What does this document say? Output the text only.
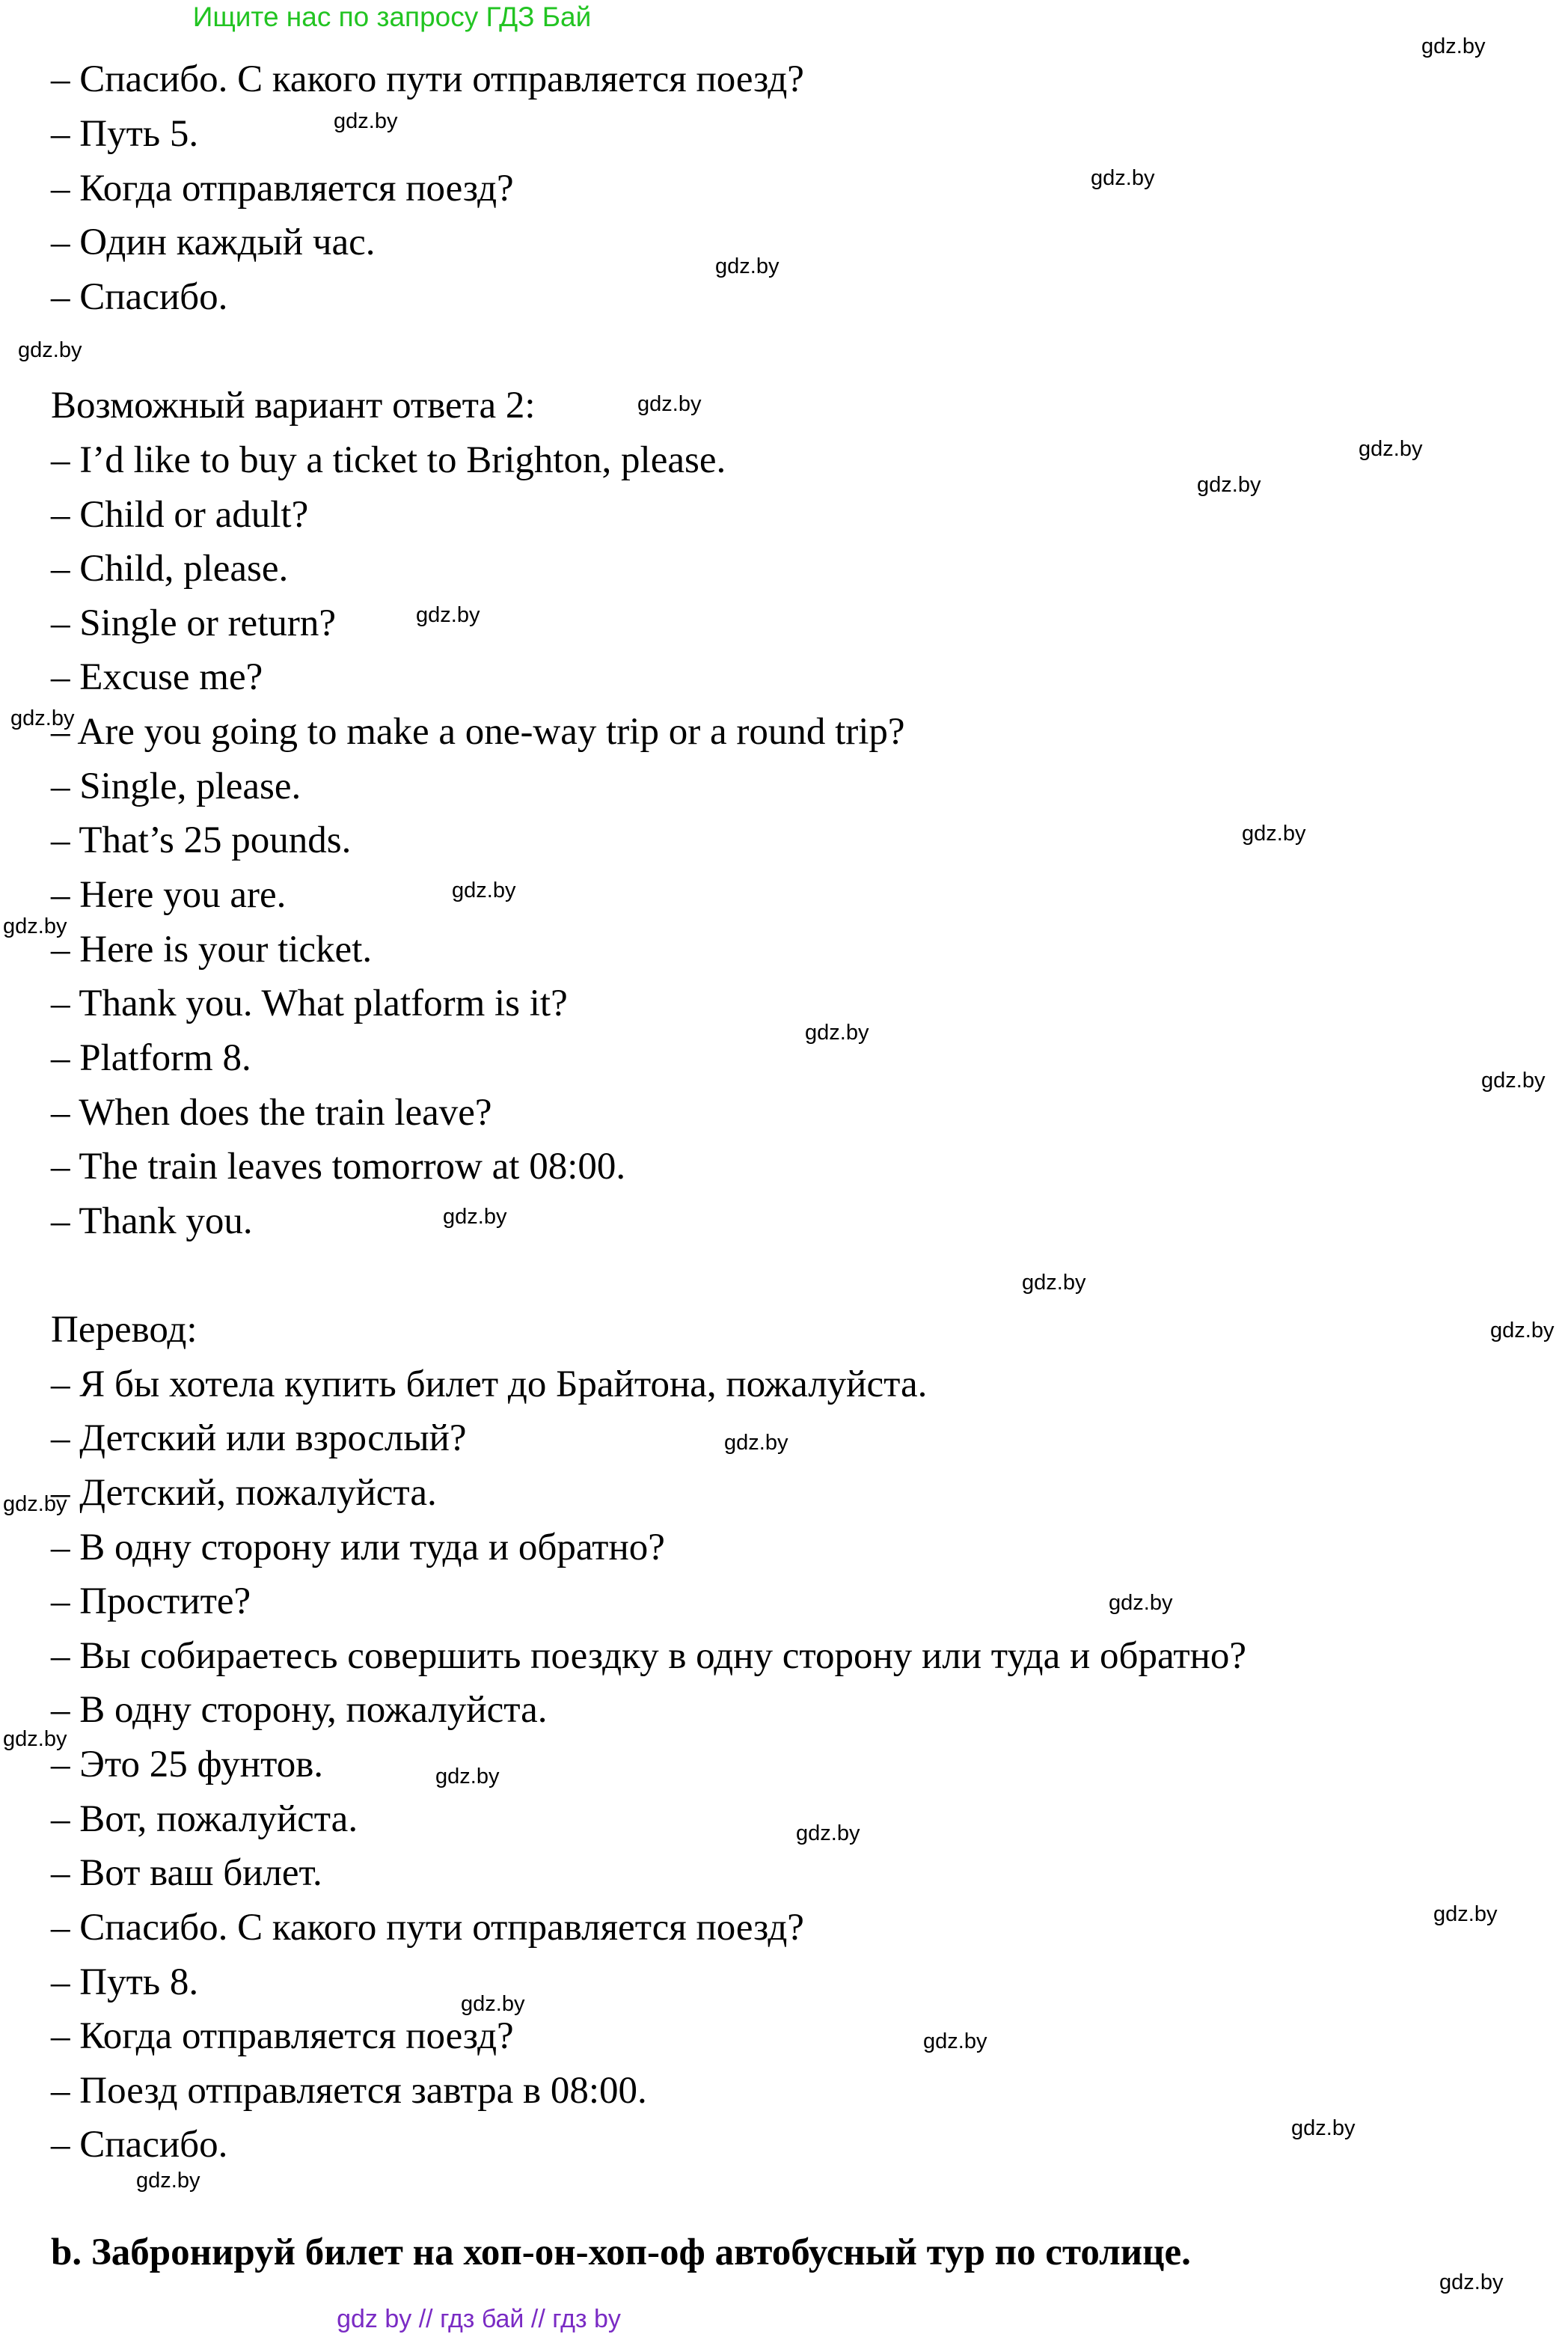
Ищите нас по запросу ГДЗ Бай
– Спасибо. С какого пути отправляется поезд?
– Путь 5.
– Когда отправляется поезд?
– Один каждый час.
– Спасибо.
Возможный вариант ответа 2:
– I’d like to buy a ticket to Brighton, please.
– Child or adult?
– Child, please.
– Single or return?
– Excuse me?
– Are you going to make a one-way trip or a round trip?
– Single, please.
– That’s 25 pounds.
– Here you are.
– Here is your ticket.
– Thank you. What platform is it?
– Platform 8.
– When does the train leave?
– The train leaves tomorrow at 08:00.
– Thank you.
Перевод:
– Я бы хотела купить билет до Брайтона, пожалуйста.
– Детский или взрослый?
– Детский, пожалуйста.
– В одну сторону или туда и обратно?
– Простите?
– Вы собираетесь совершить поездку в одну сторону или туда и обратно?
– В одну сторону, пожалуйста.
– Это 25 фунтов.
– Вот, пожалуйста.
– Вот ваш билет.
– Спасибо. С какого пути отправляется поезд?
– Путь 8.
– Когда отправляется поезд?
– Поезд отправляется завтра в 08:00.
– Спасибо.
b. Забронируй билет на хоп-он-хоп-оф автобусный тур по столице.
gdz.by
gdz.by
gdz.by
gdz.by
gdz.by
gdz.by
gdz.by
gdz.by
gdz.by
gdz.by
gdz.by
gdz.by
gdz.by
gdz.by
gdz.by
gdz.by
gdz.by
gdz.by
gdz.by
gdz.by
gdz.by
gdz.by
gdz.by
gdz.by
gdz.by
gdz.by
gdz.by
gdz.by
gdz.by
gdz.by
gdz by // гдз бай // гдз by
